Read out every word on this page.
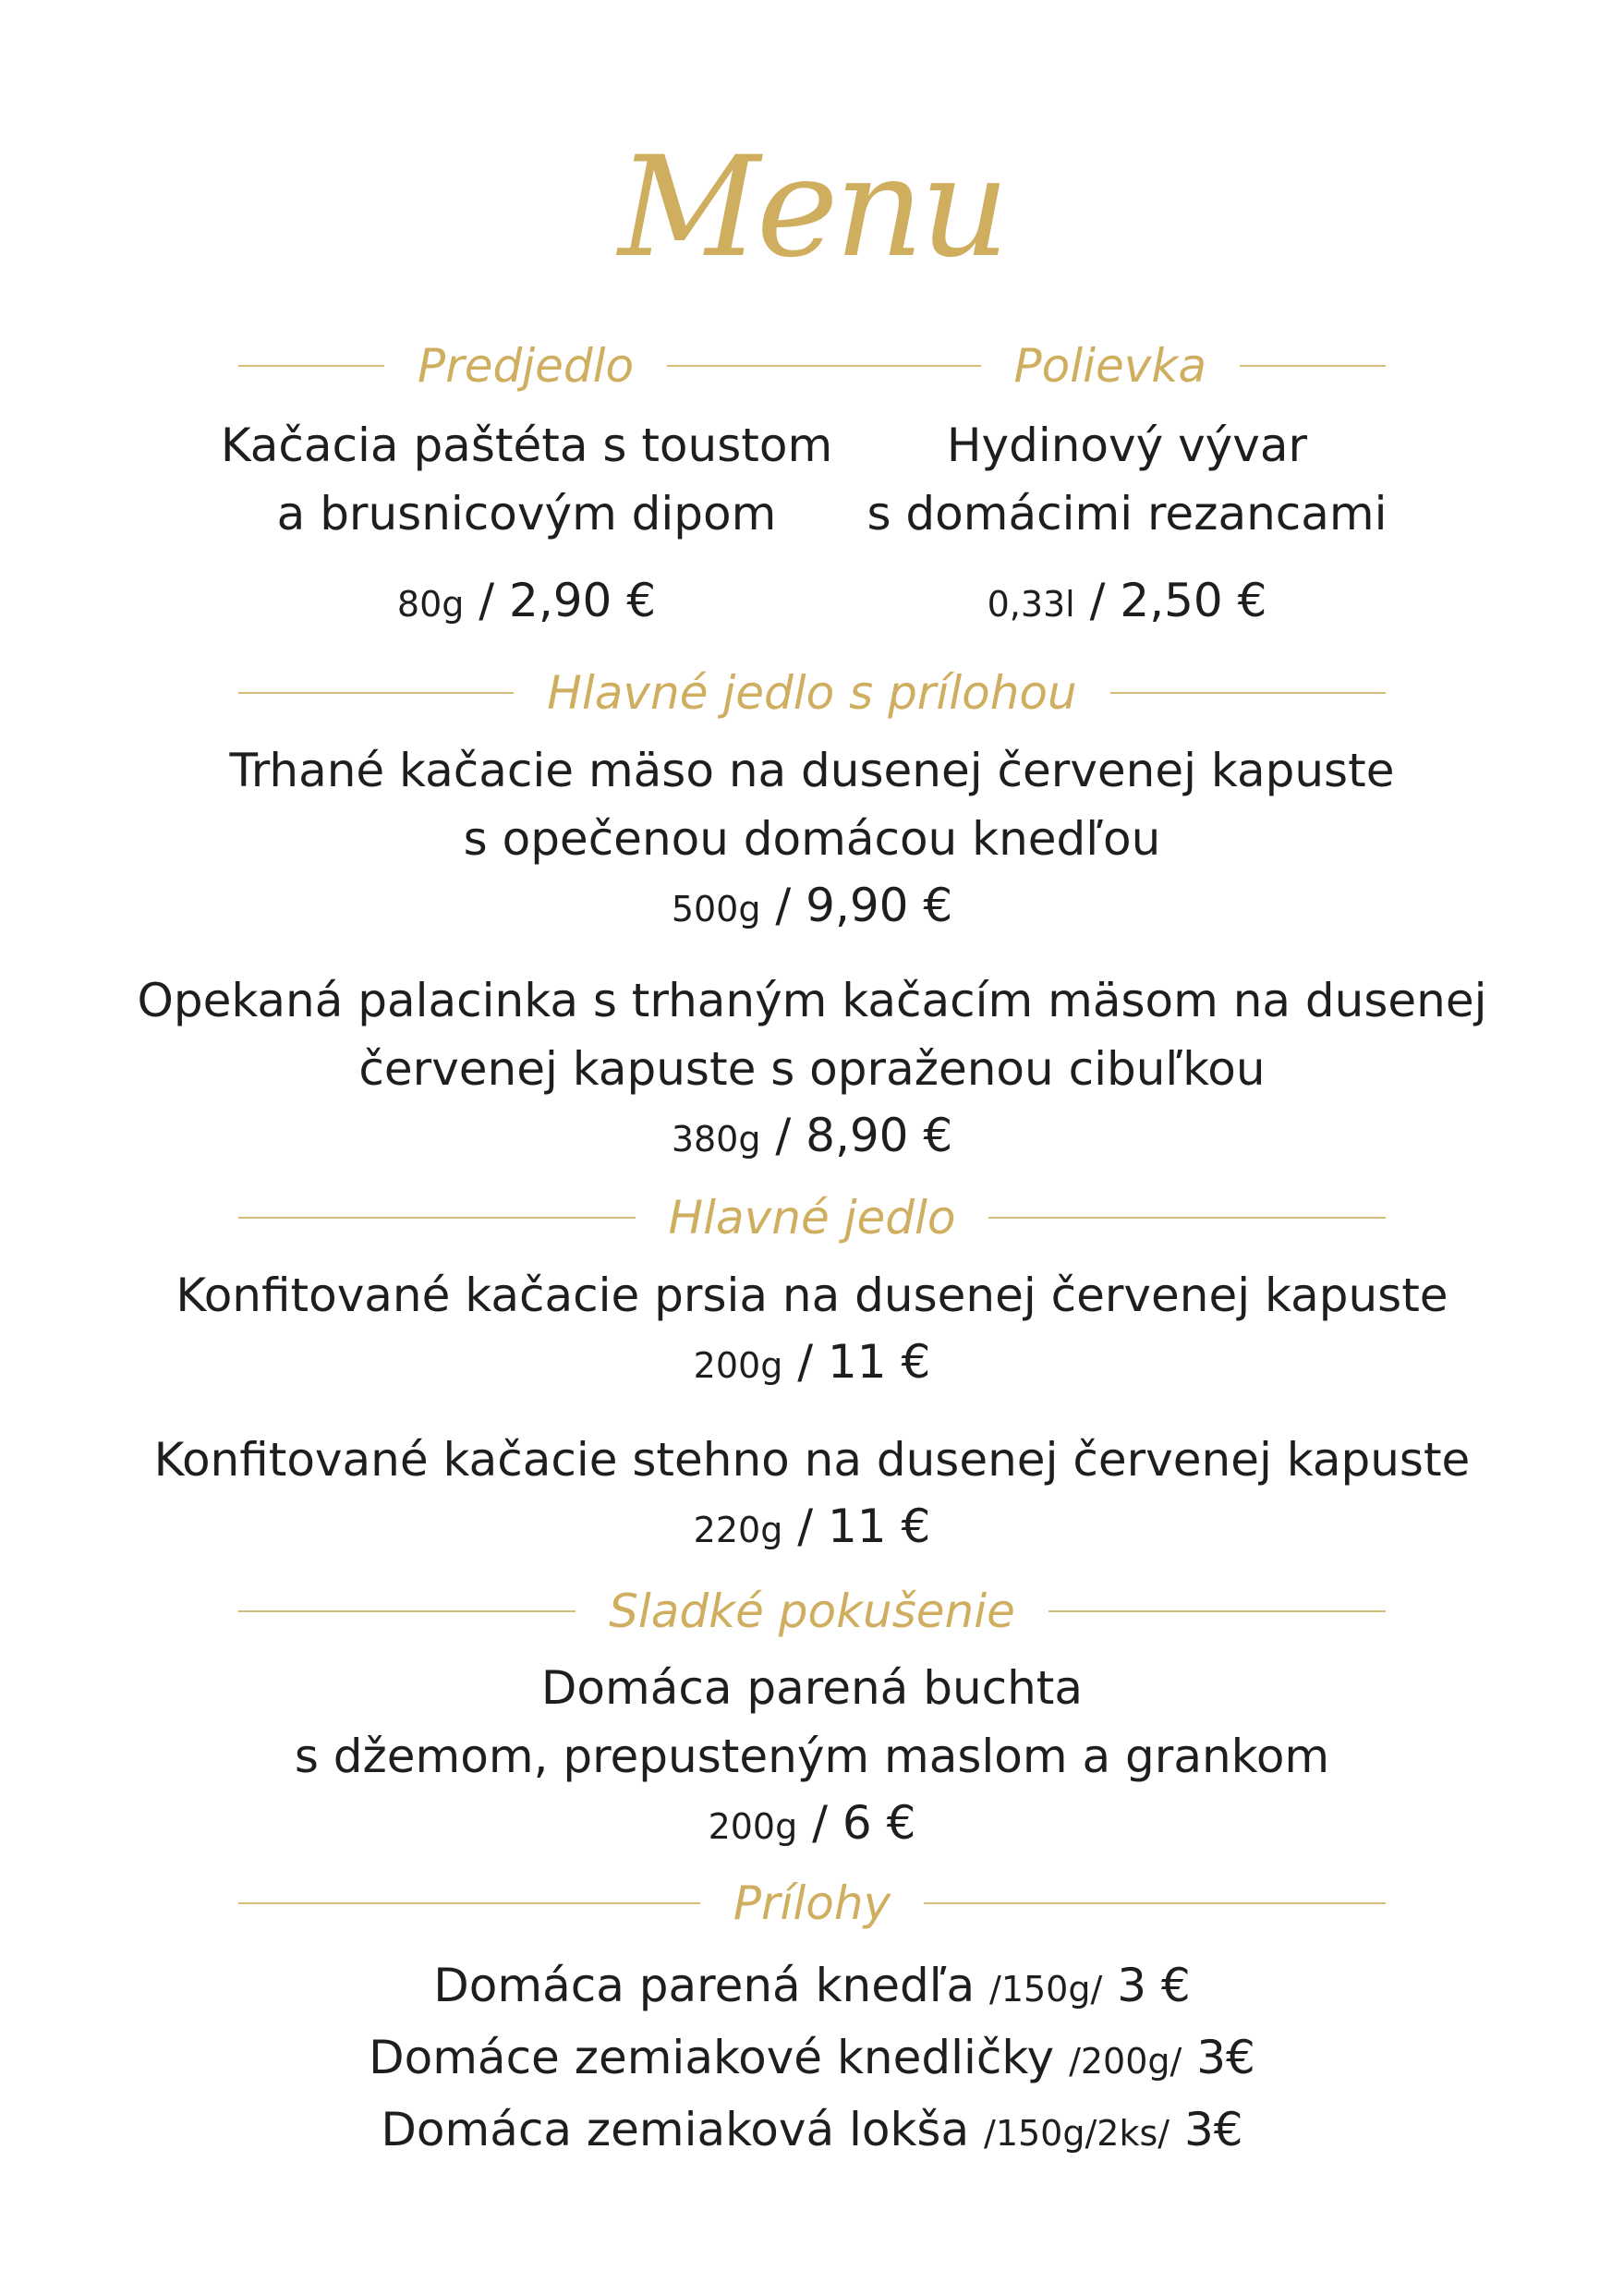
Menu
Predjedlo	Polievka
Kačacia paštéta s toustom
a brusnicovým dipom
80g / 2,90 €
Hydinový vývar
s domácimi rezancami
0,33l / 2,50 €
Hlavné jedlo s prílohou
Trhané kačacie mäso na dusenej červenej kapuste
s opečenou domácou knedľou
500g / 9,90 €
Opekaná palacinka s trhaným kačacím mäsom na dusenej
červenej kapuste s opraženou cibuľkou
380g / 8,90 €
Hlavné jedlo
Konfitované kačacie prsia na dusenej červenej kapuste
200g / 11 €
Konfitované kačacie stehno na dusenej červenej kapuste
220g / 11 €
Sladké pokušenie
Domáca parená buchta
s džemom, prepusteným maslom a grankom
200g / 6 €
Prílohy
Domáca parená knedľa /150g/ 3 €
Domáce zemiakové knedličky /200g/ 3€
Domáca zemiaková lokša /150g/2ks/ 3€
